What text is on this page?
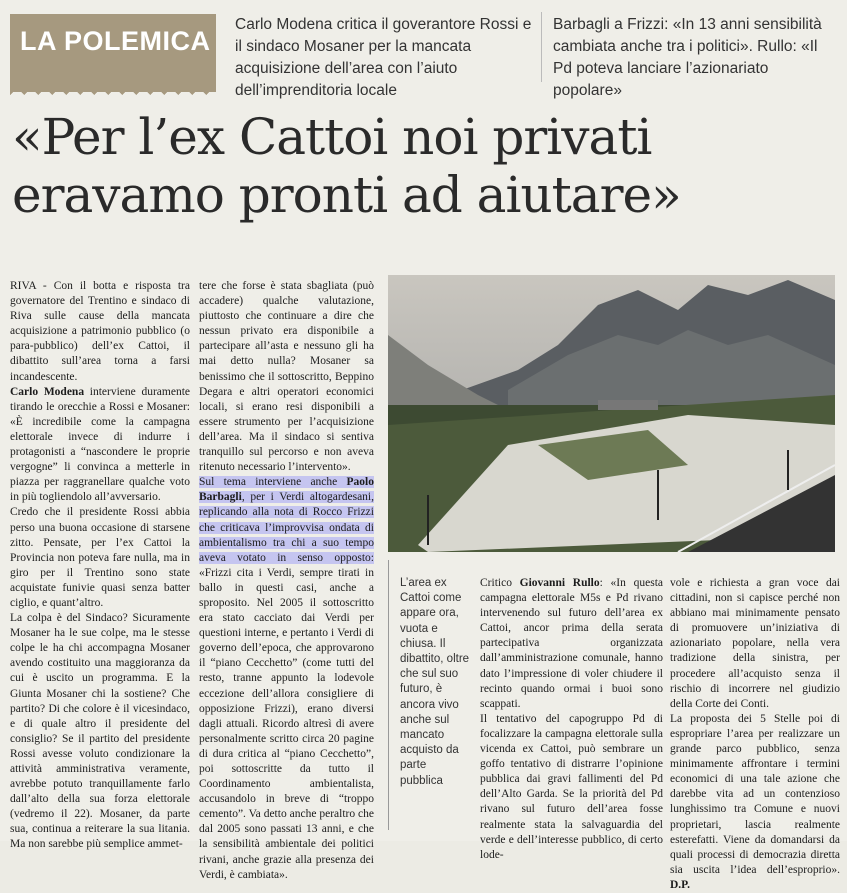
LA POLEMICA
Carlo Modena critica il goverantore Rossi e il sindaco Mosaner per la mancata acquisizione dell’area con l’aiuto dell’imprenditoria locale
Barbagli a Frizzi: «In 13 anni sensibilità cambiata anche tra i politici». Rullo: «Il Pd poteva lanciare l’azionariato popolare»
«Per l’ex Cattoi noi privati eravamo pronti ad aiutare»

RIVA - Con il botta e risposta tra governatore del Trentino e sindaco di Riva sulle cause della mancata acquisizione a patrimonio pubblico (o para-pubblico) dell’ex Cattoi, il dibattito sull’area torna a farsi incandescente.

Carlo Modena interviene duramente tirando le orecchie a Rossi e Mosaner: «È incredibile come la campagna elettorale invece di indurre i protagonisti a “nascondere le proprie vergogne” li convinca a metterle in piazza per raggranellare qualche voto in più togliendolo all’avversario.

Credo che il presidente Rossi abbia perso una buona occasione di starsene zitto. Pensate, per l’ex Cattoi la Provincia non poteva fare nulla, ma in giro per il Trentino sono state acquistate funivie quasi senza batter ciglio, e quant’altro.

La colpa è del Sindaco? Sicuramente Mosaner ha le sue colpe, ma le stesse colpe le ha chi accompagna Mosaner avendo costituito una maggioranza da cui è uscito un programma. E la Giunta Mosaner chi la sostiene? Che partito? Di che colore è il vicesindaco, e di quale altro il presidente del consiglio? Se il partito del presidente Rossi avesse voluto condizionare la attività amministrativa veramente, avrebbe potuto tranquillamente farlo dall’alto della sua forza elettorale (vedremo il 22). Mosaner, da parte sua, continua a reiterare la sua litania. Ma non sarebbe più semplice ammet-

tere che forse è stata sbagliata (può accadere) qualche valutazione, piuttosto che continuare a dire che nessun privato era disponibile a partecipare all’asta e nessuno gli ha mai detto nulla? Mosaner sa benissimo che il sottoscritto, Beppino Degara e altri operatori economici locali, si erano resi disponibili a essere strumento per l’acquisizione dell’area. Ma il sindaco si sentiva tranquillo sul percorso e non aveva ritenuto necessario l’intervento».

Sul tema interviene anche Paolo Barbagli, per i Verdi altogardesani, replicando alla nota di Rocco Frizzi che criticava l’improvvisa ondata di ambientalismo tra chi a suo tempo aveva votato in senso opposto: «Frizzi cita i Verdi, sempre tirati in ballo in questi casi, anche a sproposito. Nel 2005 il sottoscritto era stato cacciato dai Verdi per questioni interne, e pertanto i Verdi di governo dell’epoca, che approvarono il “piano Cecchetto” (come tutti del resto, tranne appunto la lodevole eccezione dell’allora consigliere di opposizione Frizzi), erano diversi dagli attuali. Ricordo altresì di avere personalmente scritto circa 20 pagine di dura critica al “piano Cecchetto”, poi sottoscritte da tutto il Coordinamento ambientalista, accusandolo in breve di “troppo cemento”. Va detto anche peraltro che dal 2005 sono passati 13 anni, e che la sensibilità ambientale dei politici rivani, anche grazie alla presenza dei Verdi, è cambiata».

L’area ex Cattoi come appare ora, vuota e chiusa. Il dibattito, oltre che sul suo futuro, è ancora vivo anche sul mancato acquisto da parte pubblica

Critico Giovanni Rullo: «In questa campagna elettorale M5s e Pd rivano intervenendo sul futuro dell’area ex Cattoi, ancor prima della serata partecipativa organizzata dall’amministrazione comunale, hanno dato l’impressione di voler chiudere il recinto quando ormai i buoi sono scappati.

Il tentativo del capogruppo Pd di focalizzare la campagna elettorale sulla vicenda ex Cattoi, può sembrare un goffo tentativo di distrarre l’opinione pubblica dai gravi fallimenti del Pd dell’Alto Garda. Se la priorità del Pd rivano sul futuro dell’area fosse realmente stata la salvaguardia del verde e dell’interesse pubblico, di certo lode-

vole e richiesta a gran voce dai cittadini, non si capisce perché non abbiano mai minimamente pensato di promuovere un’iniziativa di azionariato popolare, nella vera tradizione della sinistra, per procedere all’acquisto senza il rischio di incorrere nel giudizio della Corte dei Conti.

La proposta dei 5 Stelle poi di espropriare l’area per realizzare un grande parco pubblico, senza minimamente affrontare i termini economici di una tale azione che darebbe vita ad un contenzioso lunghissimo tra Comune e nuovi proprietari, lascia realmente esterefatti. Viene da domandarsi da quali processi di democrazia diretta sia uscita l’idea dell’esproprio». D.P.
